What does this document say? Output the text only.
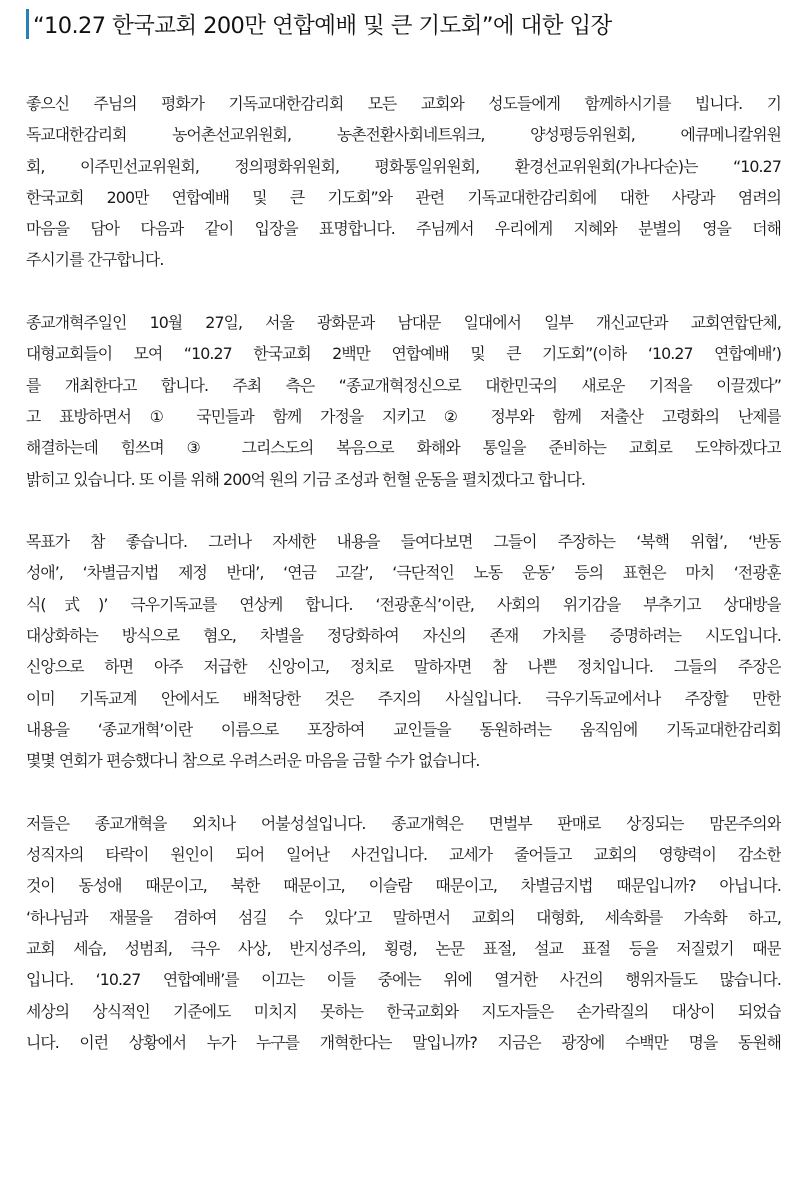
“10.27 한국교회 200만 연합예배 및 큰 기도회”에 대한 입장
좋으신 주님의 평화가 기독교대한감리회 모든 교회와 성도들에게 함께하시기를 빕니다. 기
독교대한감리회 농어촌선교위원회, 농촌전환사회네트워크, 양성평등위원회, 에큐메니칼위원
회, 이주민선교위원회, 정의평화위원회, 평화통일위원회, 환경선교위원회(가나다순)는 “10.27
한국교회 200만 연합예배 및 큰 기도회”와 관련 기독교대한감리회에 대한 사랑과 염려의
마음을 담아 다음과 같이 입장을 표명합니다. 주님께서 우리에게 지혜와 분별의 영을 더해
주시기를 간구합니다.
종교개혁주일인 10월 27일, 서울 광화문과 남대문 일대에서 일부 개신교단과 교회연합단체,
대형교회들이 모여 “10.27 한국교회 2백만 연합예배 및 큰 기도회”(이하 ‘10.27 연합예배’)
를 개최한다고 합니다. 주최 측은 “종교개혁정신으로 대한민국의 새로운 기적을 이끌겠다”
고 표방하면서 ① 국민들과 함께 가정을 지키고 ② 정부와 함께 저출산 고령화의 난제를
해결하는데 힘쓰며 ③ 그리스도의 복음으로 화해와 통일을 준비하는 교회로 도약하겠다고
밝히고 있습니다. 또 이를 위해 200억 원의 기금 조성과 헌혈 운동을 펼치겠다고 합니다.
목표가 참 좋습니다. 그러나 자세한 내용을 들여다보면 그들이 주장하는 ‘북핵 위협’, ‘반동
성애’, ‘차별금지법 제정 반대’, ‘연금 고갈’, ‘극단적인 노동 운동’ 등의 표현은 마치 ‘전광훈
식(式)’ 극우기독교를 연상케 합니다. ‘전광훈식’이란, 사회의 위기감을 부추기고 상대방을
대상화하는 방식으로 혐오, 차별을 정당화하여 자신의 존재 가치를 증명하려는 시도입니다.
신앙으로 하면 아주 저급한 신앙이고, 정치로 말하자면 참 나쁜 정치입니다. 그들의 주장은
이미 기독교계 안에서도 배척당한 것은 주지의 사실입니다. 극우기독교에서나 주장할 만한
내용을 ‘종교개혁’이란 이름으로 포장하여 교인들을 동원하려는 움직임에 기독교대한감리회
몇몇 연회가 편승했다니 참으로 우려스러운 마음을 금할 수가 없습니다.
저들은 종교개혁을 외치나 어불성설입니다. 종교개혁은 면벌부 판매로 상징되는 맘몬주의와
성직자의 타락이 원인이 되어 일어난 사건입니다. 교세가 줄어들고 교회의 영향력이 감소한
것이 동성애 때문이고, 북한 때문이고, 이슬람 때문이고, 차별금지법 때문입니까? 아닙니다.
‘하나님과 재물을 겸하여 섬길 수 있다’고 말하면서 교회의 대형화, 세속화를 가속화 하고,
교회 세습, 성범죄, 극우 사상, 반지성주의, 횡령, 논문 표절, 설교 표절 등을 저질렀기 때문
입니다. ‘10.27 연합예배’를 이끄는 이들 중에는 위에 열거한 사건의 행위자들도 많습니다.
세상의 상식적인 기준에도 미치지 못하는 한국교회와 지도자들은 손가락질의 대상이 되었습
니다. 이런 상황에서 누가 누구를 개혁한다는 말입니까? 지금은 광장에 수백만 명을 동원해
